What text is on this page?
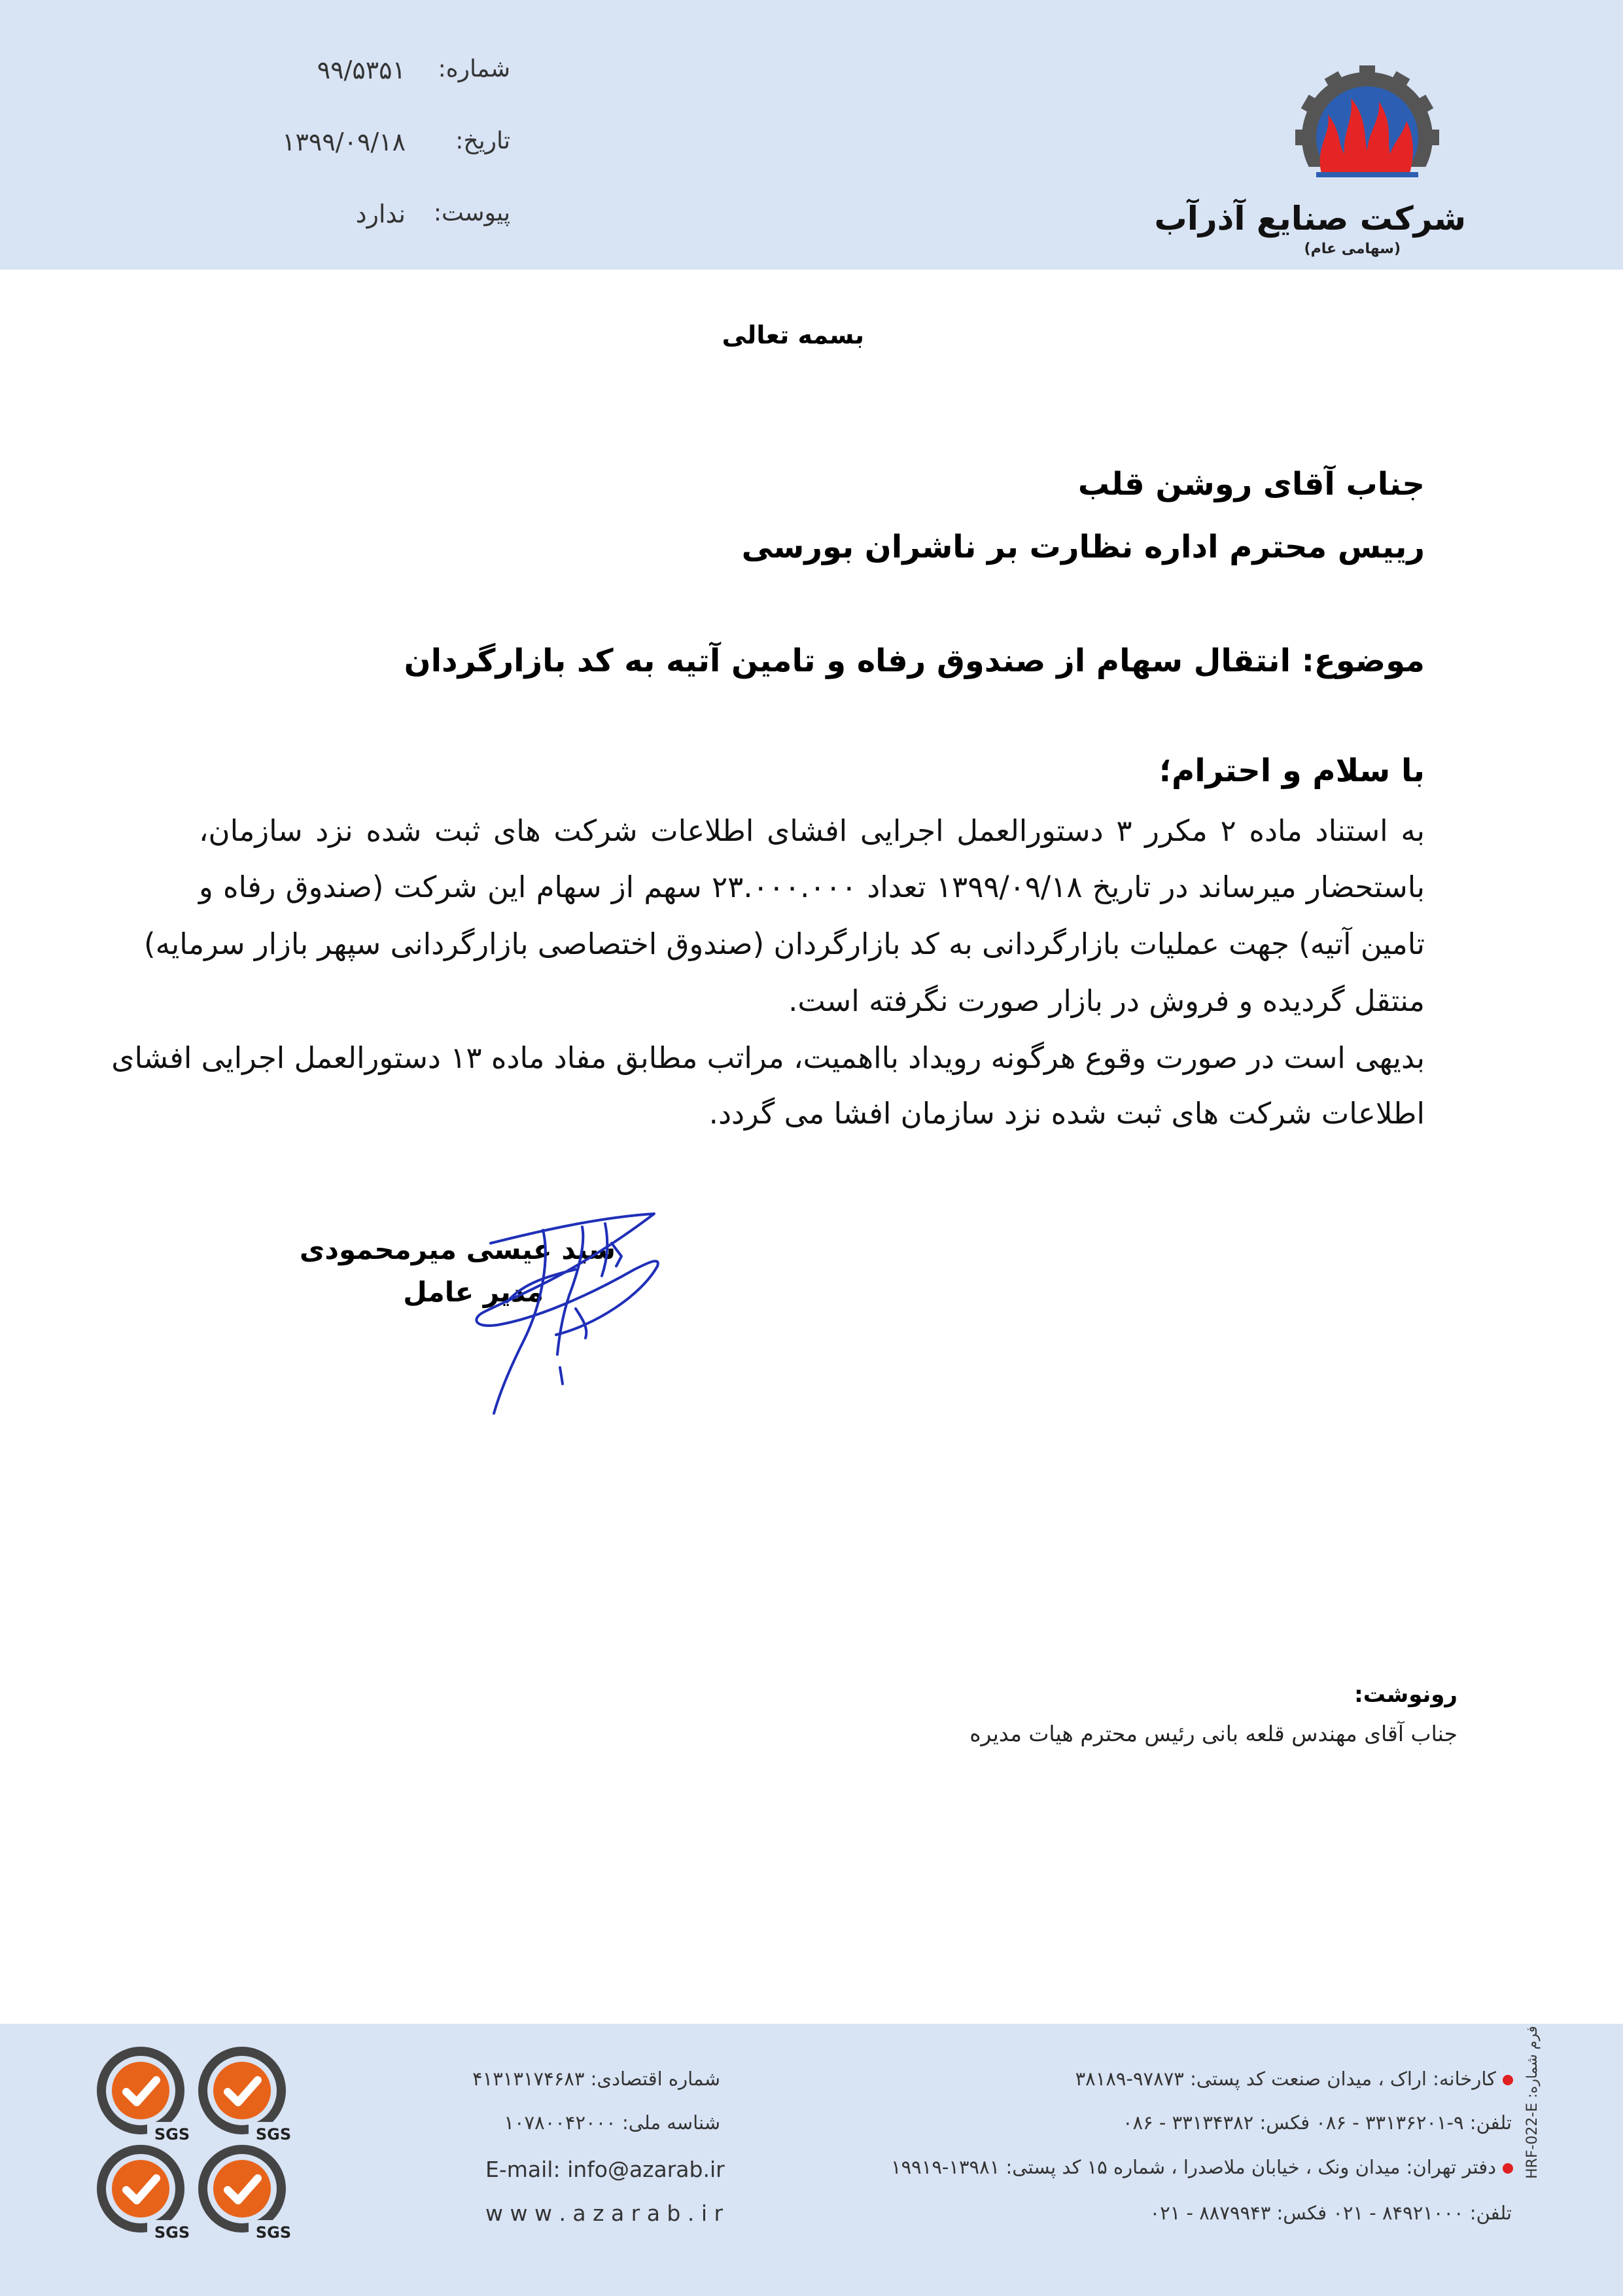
شماره:
۹۹/۵۳۵۱
تاریخ:
۱۳۹۹/۰۹/۱۸
پیوست:
ندارد	شرکت صنایع آذرآب
(سهامی عام)
بسمه تعالی
جناب آقای روشن قلب
رییس محترم اداره نظارت بر ناشران بورسی
موضوع: انتقال سهام از صندوق رفاه و تامین آتیه به کد بازارگردان
با سلام و احترام؛
به استناد ماده ۲ مکرر ۳ دستورالعمل اجرایی افشای اطلاعات شرکت های ثبت شده نزد سازمان،
باستحضار میرساند در تاریخ ۱۳۹۹/۰۹/۱۸ تعداد ۲۳.۰۰۰.۰۰۰ سهم از سهام این شرکت (صندوق رفاه و
تامین آتیه) جهت عملیات بازارگردانی به کد بازارگردان (صندوق اختصاصی بازارگردانی سپهر بازار سرمایه)
منتقل گردیده و فروش در بازار صورت نگرفته است.
بدیهی است در صورت وقوع هرگونه رویداد بااهمیت، مراتب مطابق مفاد ماده ۱۳ دستورالعمل اجرایی افشای
اطلاعات شرکت های ثبت شده نزد سازمان افشا می گردد.
سید عیسی میرمحمودی
مدیر عامل
رونوشت:
جناب آقای مهندس قلعه بانی رئیس محترم هیات مدیره
کارخانه: اراک ، میدان صنعت کد پستی: ۹۷۸۷۳-۳۸۱۸۹
تلفن: ۹-۳۳۱۳۶۲۰۱ - ۰۸۶ فکس: ۳۳۱۳۴۳۸۲ - ۰۸۶
دفتر تهران: میدان ونک ، خیابان ملاصدرا ، شماره ۱۵ کد پستی: ۱۳۹۸۱-۱۹۹۱۹
تلفن: ۸۴۹۲۱۰۰۰ - ۰۲۱ فکس: ۸۸۷۹۹۴۳ - ۰۲۱
فرم شماره: HRF-022-E
شماره اقتصادی: ۴۱۳۱۳۱۷۴۶۸۳
شناسه ملی: ۱۰۷۸۰۰۴۲۰۰۰
E-mail: info@azarab.ir
w w w . a z a r a b . i r
SGS	SGS
SGS	SGS
